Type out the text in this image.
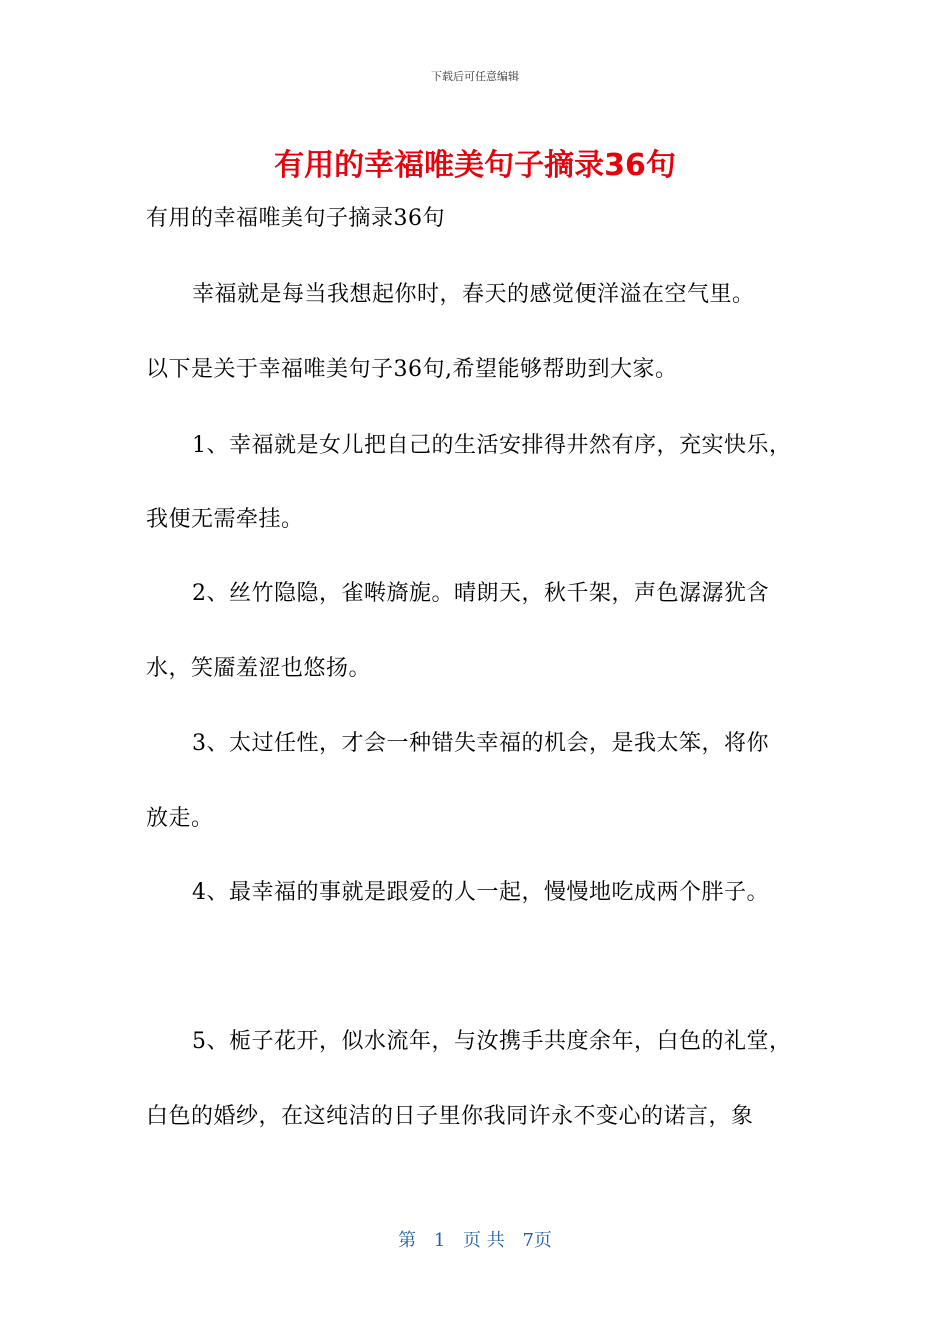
下载后可任意编辑
有用的幸福唯美句子摘录36句

有用的幸福唯美句子摘录36句

幸福就是每当我想起你时，春天的感觉便洋溢在空气里。

以下是关于幸福唯美句子36句,希望能够帮助到大家。

1、幸福就是女儿把自己的生活安排得井然有序，充实快乐，

我便无需牵挂。

2、丝竹隐隐，雀啭旖旎。晴朗天，秋千架，声色潺潺犹含

水，笑靥羞涩也悠扬。

3、太过任性，才会一种错失幸福的机会，是我太笨，将你

放走。

4、最幸福的事就是跟爱的人一起，慢慢地吃成两个胖子。

5、栀子花开，似水流年，与汝携手共度余年，白色的礼堂，

白色的婚纱，在这纯洁的日子里你我同许永不变心的诺言，象

第 1 页 共 7页
